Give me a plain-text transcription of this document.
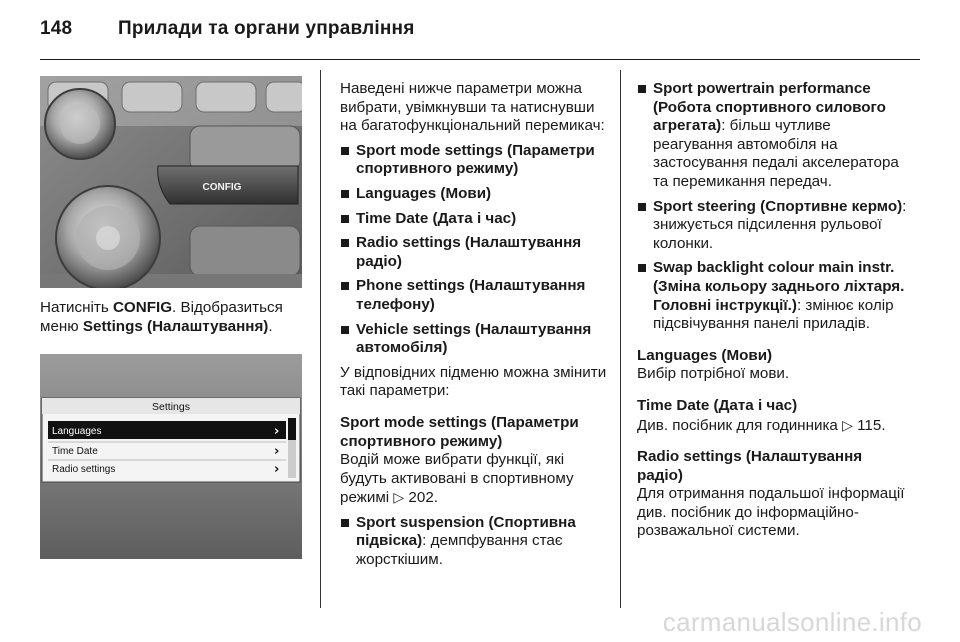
148 Прилади та органи управління
CONFIG

Натисніть CONFIG. Відобразиться меню Settings (Налаштування).

Settings
Languages	›
Time Date	›
Radio settings	›

Наведені нижче параметри можна вибрати, увімкнувши та натиснувши на багатофункціональний перемикач:

Sport mode settings (Параметри спортивного режиму)

Languages (Мови)

Time Date (Дата і час)

Radio settings (Налаштування радіо)

Phone settings (Налаштування телефону)

Vehicle settings (Налаштування автомобіля)

У відповідних підменю можна змінити такі параметри:

Sport mode settings (Параметри спортивного режиму)

Водій може вибрати функції, які будуть активовані в спортивному режимі ▷ 202.

Sport suspension (Спортивна підвіска): демпфування стає жорсткішим.

Sport powertrain performance (Робота спортивного силового агрегата): більш чутливе реагування автомобіля на застосування педалі акселератора та перемикання передач.

Sport steering (Спортивне кермо): знижується підсилення рульової колонки.

Swap backlight colour main instr. (Зміна кольору заднього ліхтаря. Головні інструкції.): змінює колір підсвічування панелі приладів.

Languages (Мови)

Вибір потрібної мови.

Time Date (Дата і час)

Див. посібник для годинника ▷ 115.

Radio settings (Налаштування радіо)

Для отримання подальшої інформації див. посібник до інформаційно-розважальної системи.

carmanualsonline.info
